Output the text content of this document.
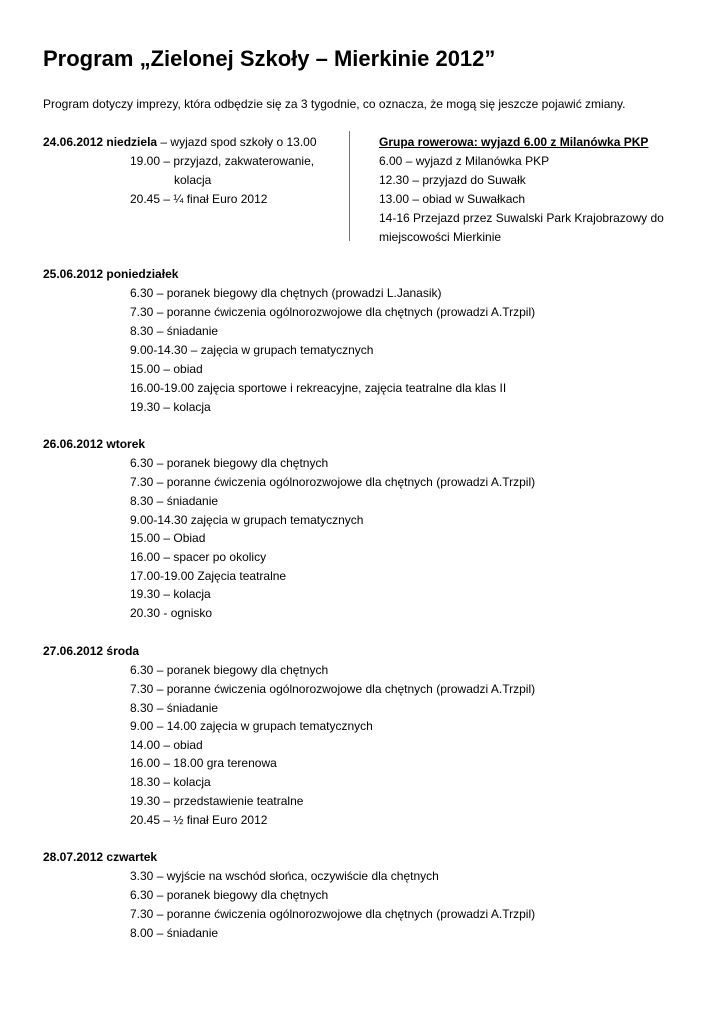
Program „Zielonej Szkoły – Mierkinie 2012”
Program dotyczy imprezy, która odbędzie się za 3 tygodnie, co oznacza, że mogą się jeszcze pojawić zmiany.
24.06.2012 niedziela – wyjazd spod szkoły o 13.00
19.00 – przyjazd, zakwaterowanie,
kolacja
20.45 – ¼ finał Euro 2012
Grupa rowerowa: wyjazd 6.00 z Milanówka PKP
6.00 – wyjazd z Milanówka PKP
12.30 – przyjazd do Suwałk
13.00 – obiad w Suwałkach
14-16 Przejazd przez Suwalski Park Krajobrazowy do
miejscowości Mierkinie
25.06.2012 poniedziałek
6.30 – poranek biegowy dla chętnych (prowadzi L.Janasik)
7.30 – poranne ćwiczenia ogólnorozwojowe dla chętnych (prowadzi A.Trzpil)
8.30 – śniadanie
9.00-14.30 – zajęcia w grupach tematycznych
15.00 – obiad
16.00-19.00 zajęcia sportowe i rekreacyjne, zajęcia teatralne dla klas II
19.30 – kolacja
26.06.2012 wtorek
6.30 – poranek biegowy dla chętnych
7.30 – poranne ćwiczenia ogólnorozwojowe dla chętnych (prowadzi A.Trzpil)
8.30 – śniadanie
9.00-14.30 zajęcia w grupach tematycznych
15.00 – Obiad
16.00 – spacer po okolicy
17.00-19.00 Zajęcia teatralne
19.30 – kolacja
20.30 - ognisko
27.06.2012 środa
6.30 – poranek biegowy dla chętnych
7.30 – poranne ćwiczenia ogólnorozwojowe dla chętnych (prowadzi A.Trzpil)
8.30 – śniadanie
9.00 – 14.00 zajęcia w grupach tematycznych
14.00 – obiad
16.00 – 18.00 gra terenowa
18.30 – kolacja
19.30 – przedstawienie teatralne
20.45 – ½ finał Euro 2012
28.07.2012 czwartek
3.30 – wyjście na wschód słońca, oczywiście dla chętnych
6.30 – poranek biegowy dla chętnych
7.30 – poranne ćwiczenia ogólnorozwojowe dla chętnych (prowadzi A.Trzpil)
8.00 – śniadanie
